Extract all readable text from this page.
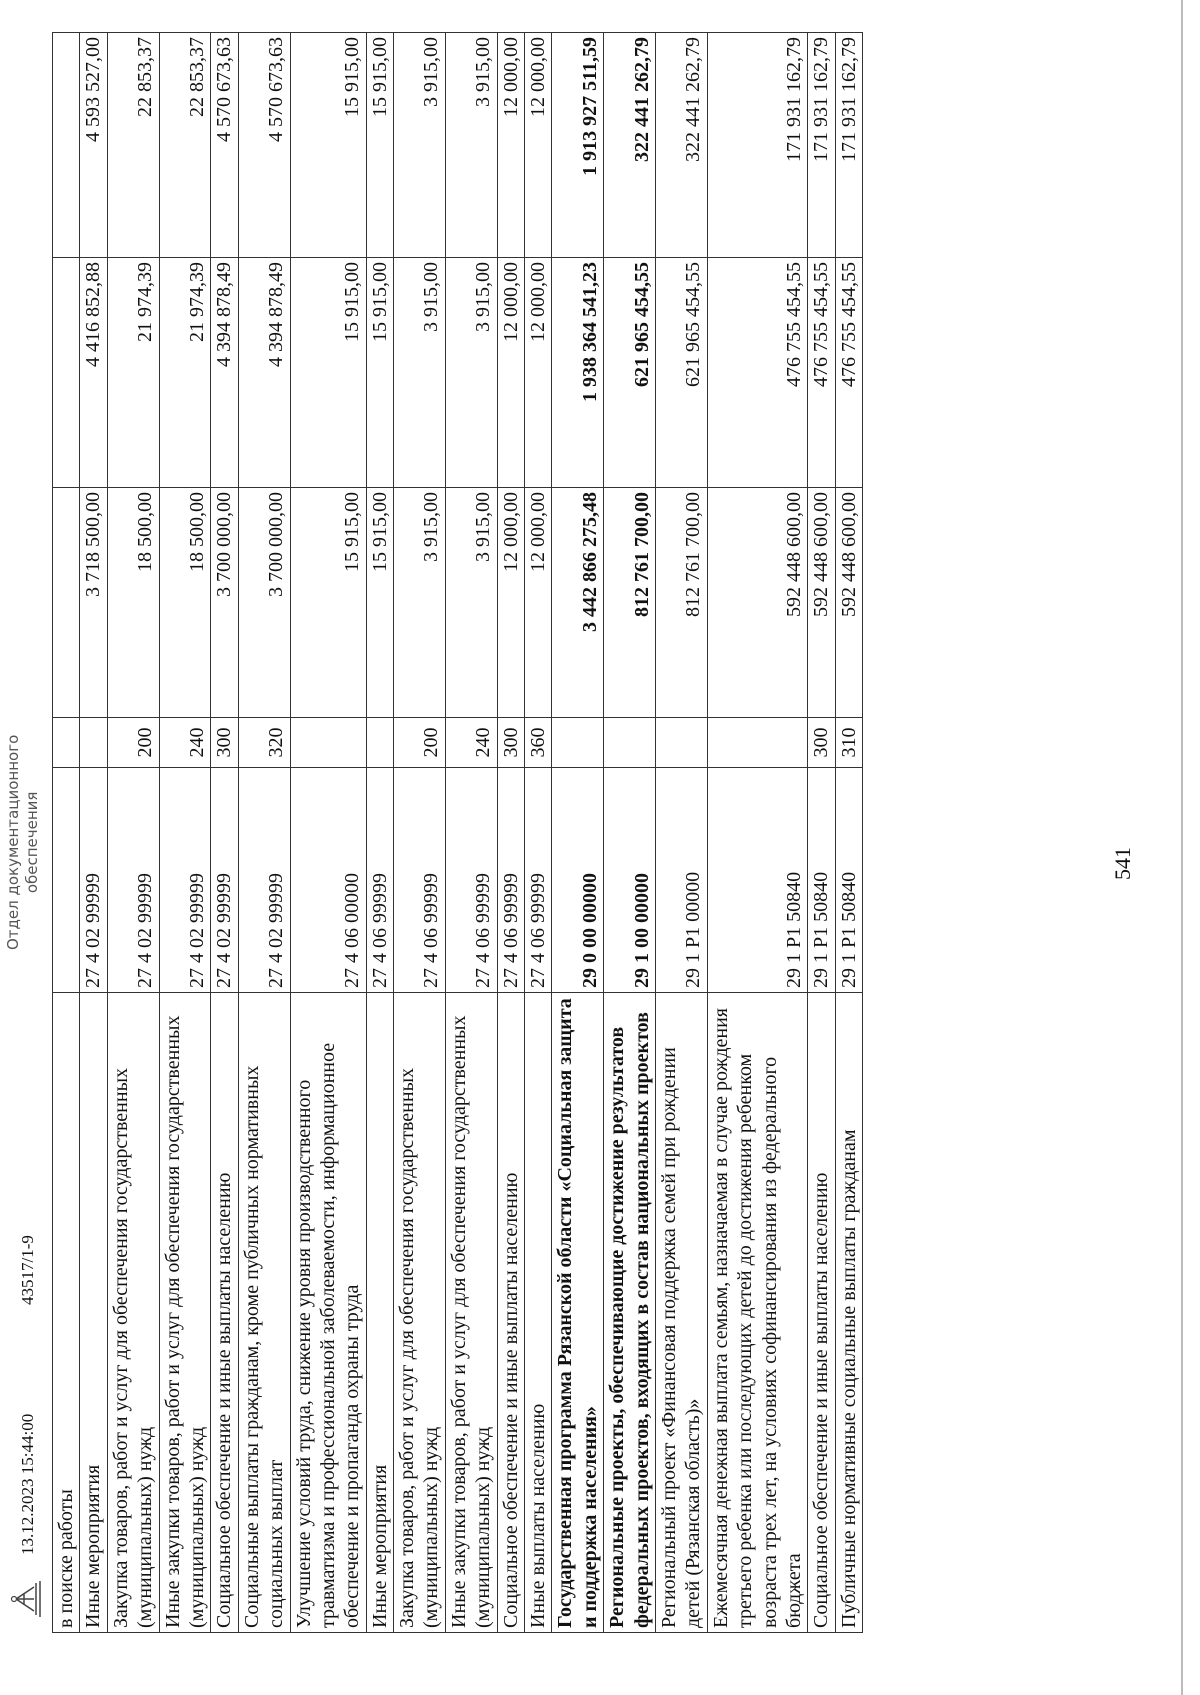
541
в поиске работы					
Иные мероприятия	27 4 02 99999		3 718 500,00	4 416 852,88	4 593 527,00
Закупка товаров, работ и услуг для обеспечения государственных (муниципальных) нужд	27 4 02 99999	200	18 500,00	21 974,39	22 853,37
Иные закупки товаров, работ и услуг для обеспечения государственных (муниципальных) нужд	27 4 02 99999	240	18 500,00	21 974,39	22 853,37
Социальное обеспечение и иные выплаты населению	27 4 02 99999	300	3 700 000,00	4 394 878,49	4 570 673,63
Социальные выплаты гражданам, кроме публичных нормативных социальных выплат	27 4 02 99999	320	3 700 000,00	4 394 878,49	4 570 673,63
Улучшение условий труда, снижение уровня производственного травматизма и профессиональной заболеваемости, информационное обеспечение и пропаганда охраны труда	27 4 06 00000		15 915,00	15 915,00	15 915,00
Иные мероприятия	27 4 06 99999		15 915,00	15 915,00	15 915,00
Закупка товаров, работ и услуг для обеспечения государственных (муниципальных) нужд	27 4 06 99999	200	3 915,00	3 915,00	3 915,00
Иные закупки товаров, работ и услуг для обеспечения государственных (муниципальных) нужд	27 4 06 99999	240	3 915,00	3 915,00	3 915,00
Социальное обеспечение и иные выплаты населению	27 4 06 99999	300	12 000,00	12 000,00	12 000,00
Иные выплаты населению	27 4 06 99999	360	12 000,00	12 000,00	12 000,00
Государственная программа Рязанской области «Социальная защита и поддержка населения»	29 0 00 00000		3 442 866 275,48	1 938 364 541,23	1 913 927 511,59
Региональные проекты, обеспечивающие достижение результатов федеральных проектов, входящих в состав национальных проектов	29 1 00 00000		812 761 700,00	621 965 454,55	322 441 262,79
Региональный проект «Финансовая поддержка семей при рождении детей (Рязанская область)»	29 1 P1 00000		812 761 700,00	621 965 454,55	322 441 262,79
Ежемесячная денежная выплата семьям, назначаемая в случае рождения третьего ребенка или последующих детей до достижения ребенком возраста трех лет, на условиях софинансирования из федерального бюджета	29 1 P1 50840		592 448 600,00	476 755 454,55	171 931 162,79
Социальное обеспечение и иные выплаты населению	29 1 P1 50840	300	592 448 600,00	476 755 454,55	171 931 162,79
Публичные нормативные социальные выплаты гражданам	29 1 P1 50840	310	592 448 600,00	476 755 454,55	171 931 162,79
13.12.2023 15:44:00
43517/1-9
Отдел документационного обеспечения
